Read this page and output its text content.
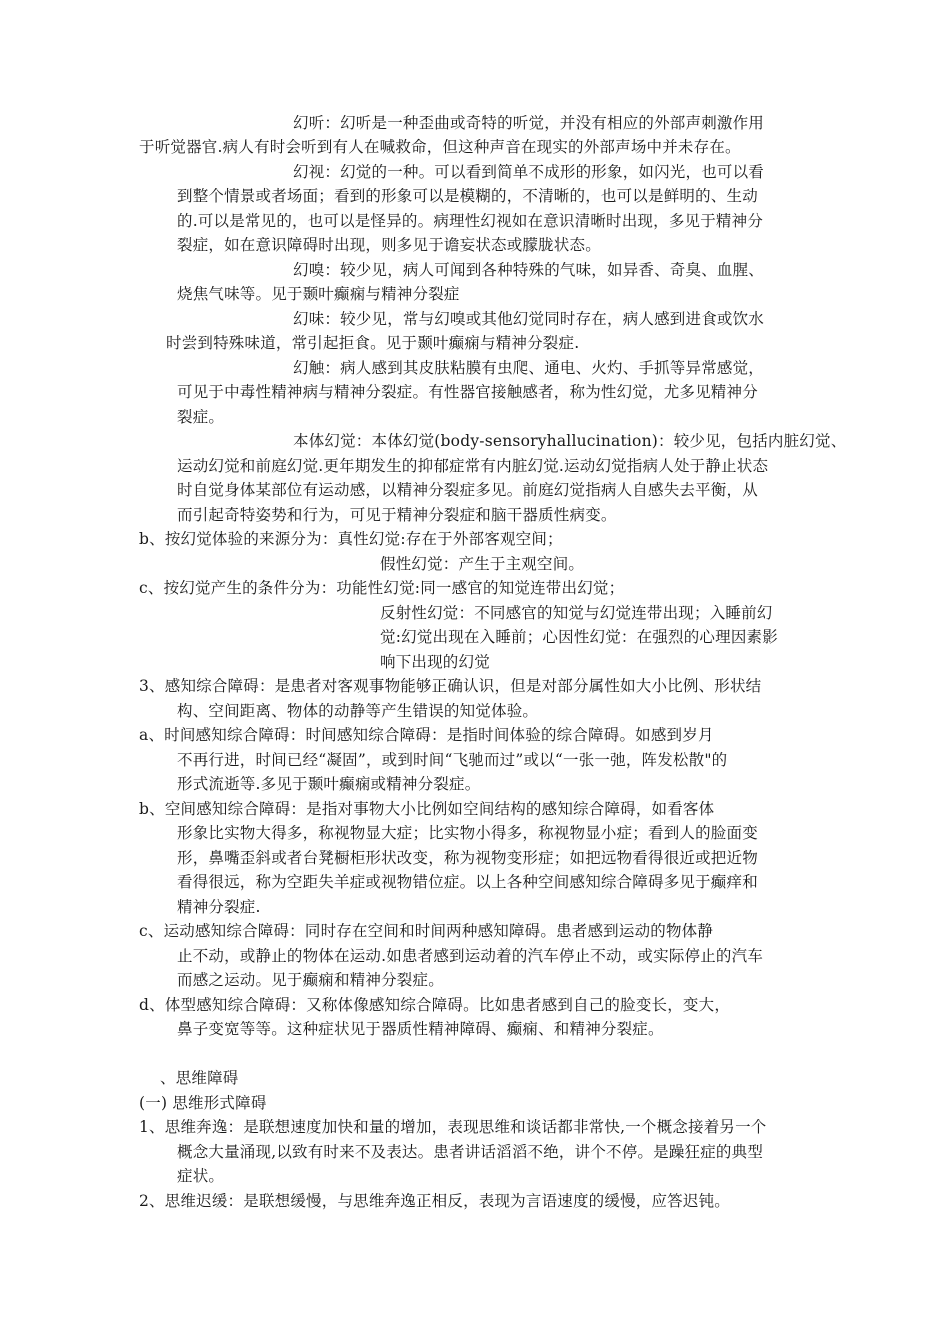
幻听：幻听是一种歪曲或奇特的听觉，并没有相应的外部声刺激作用
于听觉器官.病人有时会听到有人在喊救命，但这种声音在现实的外部声场中并未存在。
幻视：幻觉的一种。可以看到简单不成形的形象，如闪光，也可以看
到整个情景或者场面；看到的形象可以是模糊的，不清晰的，也可以是鲜明的、生动
的.可以是常见的，也可以是怪异的。病理性幻视如在意识清晰时出现，多见于精神分
裂症，如在意识障碍时出现，则多见于谵妄状态或朦胧状态。
幻嗅：较少见，病人可闻到各种特殊的气味，如异香、奇臭、血腥、
烧焦气味等。见于颞叶癫痫与精神分裂症
幻味：较少见，常与幻嗅或其他幻觉同时存在，病人感到进食或饮水
时尝到特殊味道，常引起拒食。见于颞叶癫痫与精神分裂症.
幻触：病人感到其皮肤粘膜有虫爬、通电、火灼、手抓等异常感觉，
可见于中毒性精神病与精神分裂症。有性器官接触感者，称为性幻觉，尤多见精神分
裂症。
本体幻觉：本体幻觉(body-sensoryhallucination)：较少见，包括内脏幻觉、
运动幻觉和前庭幻觉.更年期发生的抑郁症常有内脏幻觉.运动幻觉指病人处于静止状态
时自觉身体某部位有运动感，以精神分裂症多见。前庭幻觉指病人自感失去平衡，从
而引起奇特姿势和行为，可见于精神分裂症和脑干器质性病变。
b、按幻觉体验的来源分为：真性幻觉:存在于外部客观空间；
假性幻觉：产生于主观空间。
c、按幻觉产生的条件分为：功能性幻觉:同一感官的知觉连带出幻觉；
反射性幻觉：不同感官的知觉与幻觉连带出现；入睡前幻
觉:幻觉出现在入睡前；心因性幻觉：在强烈的心理因素影
响下出现的幻觉
3、感知综合障碍：是患者对客观事物能够正确认识，但是对部分属性如大小比例、形状结
构、空间距离、物体的动静等产生错误的知觉体验。
a、时间感知综合障碍：时间感知综合障碍：是指时间体验的综合障碍。如感到岁月
不再行进，时间已经“凝固”，或到时间“飞驰而过”或以“一张一弛，阵发松散"的
形式流逝等.多见于颞叶癫痫或精神分裂症。
b、空间感知综合障碍：是指对事物大小比例如空间结构的感知综合障碍，如看客体
形象比实物大得多，称视物显大症；比实物小得多，称视物显小症；看到人的脸面变
形，鼻嘴歪斜或者台凳橱柜形状改变，称为视物变形症；如把远物看得很近或把近物
看得很远，称为空距失羊症或视物错位症。以上各种空间感知综合障碍多见于癫痒和
精神分裂症.
c、运动感知综合障碍：同时存在空间和时间两种感知障碍。患者感到运动的物体静
止不动，或静止的物体在运动.如患者感到运动着的汽车停止不动，或实际停止的汽车
而感之运动。见于癫痫和精神分裂症。
d、体型感知综合障碍：又称体像感知综合障碍。比如患者感到自己的脸变长，变大，
鼻子变宽等等。这种症状见于器质性精神障碍、癫痫、和精神分裂症。
、思维障碍
(一) 思维形式障碍
1、思维奔逸：是联想速度加快和量的增加，表现思维和谈话都非常快,一个概念接着另一个
概念大量涌现,以致有时来不及表达。患者讲话滔滔不绝，讲个不停。是躁狂症的典型
症状。
2、思维迟缓：是联想缓慢，与思维奔逸正相反，表现为言语速度的缓慢，应答迟钝。
